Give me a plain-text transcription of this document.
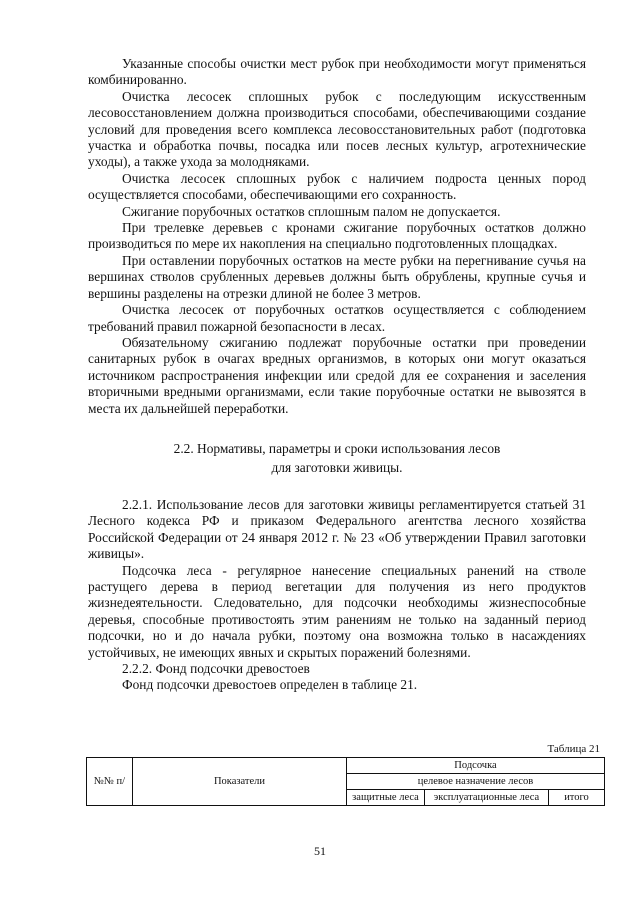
Указанные способы очистки мест рубок при необходимости могут применяться комбинированно.

Очистка лесосек сплошных рубок с последующим искусственным лесовосстановлением должна производиться способами, обеспечивающими создание условий для проведения всего комплекса лесовосстановительных работ (подготовка участка и обработка почвы, посадка или посев лесных культур, агротехнические уходы), а также ухода за молодняками.

Очистка лесосек сплошных рубок с наличием подроста ценных пород осуществляется способами, обеспечивающими его сохранность.

Сжигание порубочных остатков сплошным палом не допускается.

При трелевке деревьев с кронами сжигание порубочных остатков должно производиться по мере их накопления на специально подготовленных площадках.

При оставлении порубочных остатков на месте рубки на перегнивание сучья на вершинах стволов срубленных деревьев должны быть обрублены, крупные сучья и вершины разделены на отрезки длиной не более 3 метров.

Очистка лесосек от порубочных остатков осуществляется с соблюдением требований правил пожарной безопасности в лесах.

Обязательному сжиганию подлежат порубочные остатки при проведении санитарных рубок в очагах вредных организмов, в которых они могут оказаться источником распространения инфекции или средой для ее сохранения и заселения вторичными вредными организмами, если такие порубочные остатки не вывозятся в места их дальнейшей переработки.

2.2. Нормативы, параметры и сроки использования лесов
для заготовки живицы.

2.2.1. Использование лесов для заготовки живицы регламентируется статьей 31 Лесного кодекса РФ и приказом Федерального агентства лесного хозяйства Российской Федерации от 24 января 2012 г. № 23 «Об утверждении Правил заготовки живицы».

Подсочка леса - регулярное нанесение специальных ранений на стволе растущего дерева в период вегетации для получения из него продуктов жизнедеятельности. Следовательно, для подсочки необходимы жизнеспособные деревья, способные противостоять этим ранениям не только на заданный период подсочки, но и до начала рубки, поэтому она возможна только в насаждениях устойчивых, не имеющих явных и скрытых поражений болезнями.

2.2.2. Фонд подсочки древостоев

Фонд подсочки древостоев определен в таблице 21.

Таблица 21
№№ п/	Показатели	Подсочка		
		целевое назначение лесов		
		защитные леса	эксплуатационные леса	итого
51
